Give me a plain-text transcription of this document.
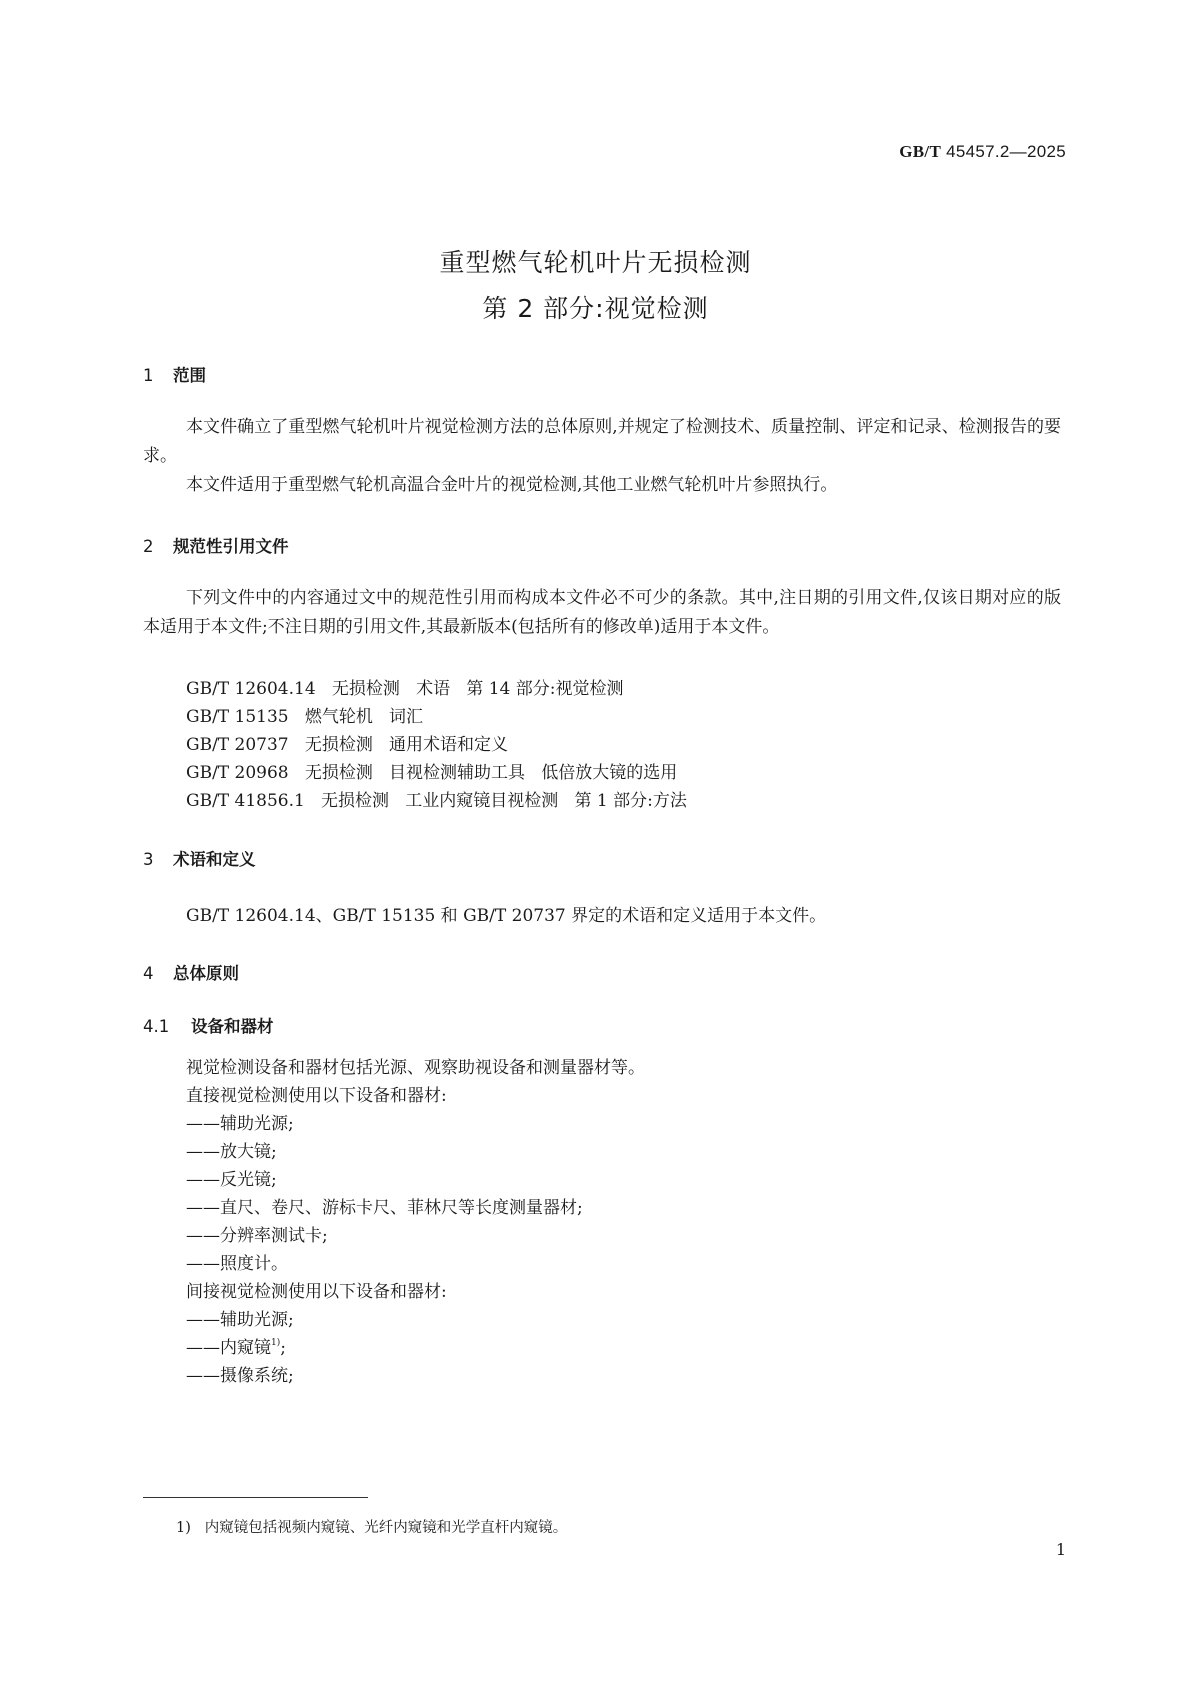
GB/T 45457.2—2025
重型燃气轮机叶片无损检测
第 2 部分:视觉检测
1 范围
本文件确立了重型燃气轮机叶片视觉检测方法的总体原则,并规定了检测技术、质量控制、评定和记录、检测报告的要求。
本文件适用于重型燃气轮机高温合金叶片的视觉检测,其他工业燃气轮机叶片参照执行。
2 规范性引用文件
下列文件中的内容通过文中的规范性引用而构成本文件必不可少的条款。其中,注日期的引用文件,仅该日期对应的版本适用于本文件;不注日期的引用文件,其最新版本(包括所有的修改单)适用于本文件。
GB/T 12604.14   无损检测   术语   第 14 部分:视觉检测
GB/T 15135   燃气轮机   词汇
GB/T 20737   无损检测   通用术语和定义
GB/T 20968   无损检测   目视检测辅助工具   低倍放大镜的选用
GB/T 41856.1   无损检测   工业内窥镜目视检测   第 1 部分:方法
3 术语和定义
GB/T 12604.14、GB/T 15135 和 GB/T 20737 界定的术语和定义适用于本文件。
4 总体原则
4.1 设备和器材
视觉检测设备和器材包括光源、观察助视设备和测量器材等。
直接视觉检测使用以下设备和器材:
——辅助光源;
——放大镜;
——反光镜;
——直尺、卷尺、游标卡尺、菲林尺等长度测量器材;
——分辨率测试卡;
——照度计。
间接视觉检测使用以下设备和器材:
——辅助光源;
——内窥镜$^{1)}$;
——摄像系统;
1) 内窥镜包括视频内窥镜、光纤内窥镜和光学直杆内窥镜。
1
